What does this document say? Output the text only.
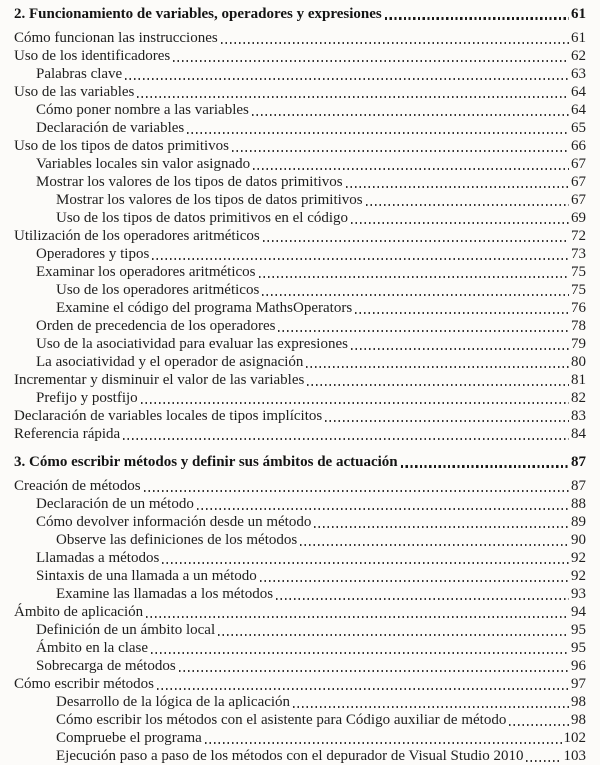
2. Funcionamiento de variables, operadores y expresiones	61
Cómo funcionan las instrucciones	61
Uso de los identificadores	62
Palabras clave	63
Uso de las variables	64
Cómo poner nombre a las variables	64
Declaración de variables	65
Uso de los tipos de datos primitivos	66
Variables locales sin valor asignado	67
Mostrar los valores de los tipos de datos primitivos	67
Mostrar los valores de los tipos de datos primitivos	67
Uso de los tipos de datos primitivos en el código	69
Utilización de los operadores aritméticos	72
Operadores y tipos	73
Examinar los operadores aritméticos	75
Uso de los operadores aritméticos	75
Examine el código del programa MathsOperators	76
Orden de precedencia de los operadores	78
Uso de la asociatividad para evaluar las expresiones	79
La asociatividad y el operador de asignación	80
Incrementar y disminuir el valor de las variables	81
Prefijo y postfijo	82
Declaración de variables locales de tipos implícitos	83
Referencia rápida	84
3. Cómo escribir métodos y definir sus ámbitos de actuación	87
Creación de métodos	87
Declaración de un método	88
Cómo devolver información desde un método	89
Observe las definiciones de los métodos	90
Llamadas a métodos	92
Sintaxis de una llamada a un método	92
Examine las llamadas a los métodos	93
Ámbito de aplicación	94
Definición de un ámbito local	95
Ámbito en la clase	95
Sobrecarga de métodos	96
Cómo escribir métodos	97
Desarrollo de la lógica de la aplicación	98
Cómo escribir los métodos con el asistente para Código auxiliar de método	98
Compruebe el programa	102
Ejecución paso a paso de los métodos con el depurador de Visual Studio 2010	103
